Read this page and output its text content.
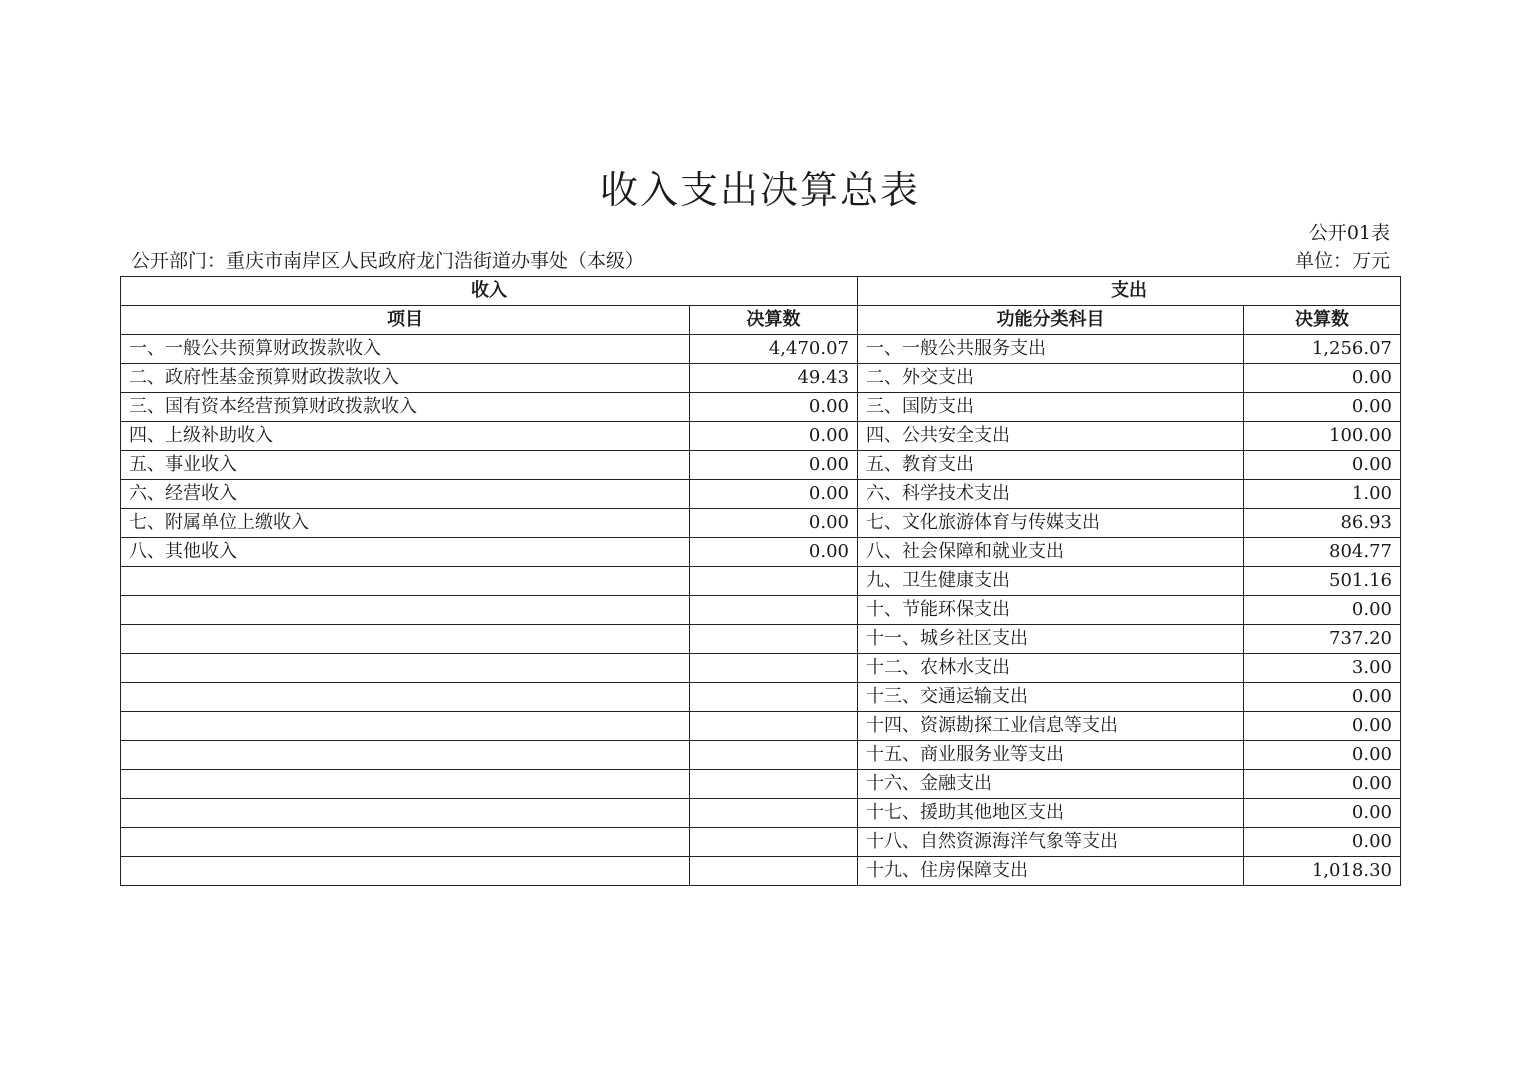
收入支出决算总表
公开01表
公开部门：重庆市南岸区人民政府龙门浩街道办事处（本级）	单位：万元
收入		支出	
项目	决算数	功能分类科目	决算数
一、一般公共预算财政拨款收入	4,470.07	一、一般公共服务支出	1,256.07
二、政府性基金预算财政拨款收入	49.43	二、外交支出	0.00
三、国有资本经营预算财政拨款收入	0.00	三、国防支出	0.00
四、上级补助收入	0.00	四、公共安全支出	100.00
五、事业收入	0.00	五、教育支出	0.00
六、经营收入	0.00	六、科学技术支出	1.00
七、附属单位上缴收入	0.00	七、文化旅游体育与传媒支出	86.93
八、其他收入	0.00	八、社会保障和就业支出	804.77
		九、卫生健康支出	501.16
		十、节能环保支出	0.00
		十一、城乡社区支出	737.20
		十二、农林水支出	3.00
		十三、交通运输支出	0.00
		十四、资源勘探工业信息等支出	0.00
		十五、商业服务业等支出	0.00
		十六、金融支出	0.00
		十七、援助其他地区支出	0.00
		十八、自然资源海洋气象等支出	0.00
		十九、住房保障支出	1,018.30
